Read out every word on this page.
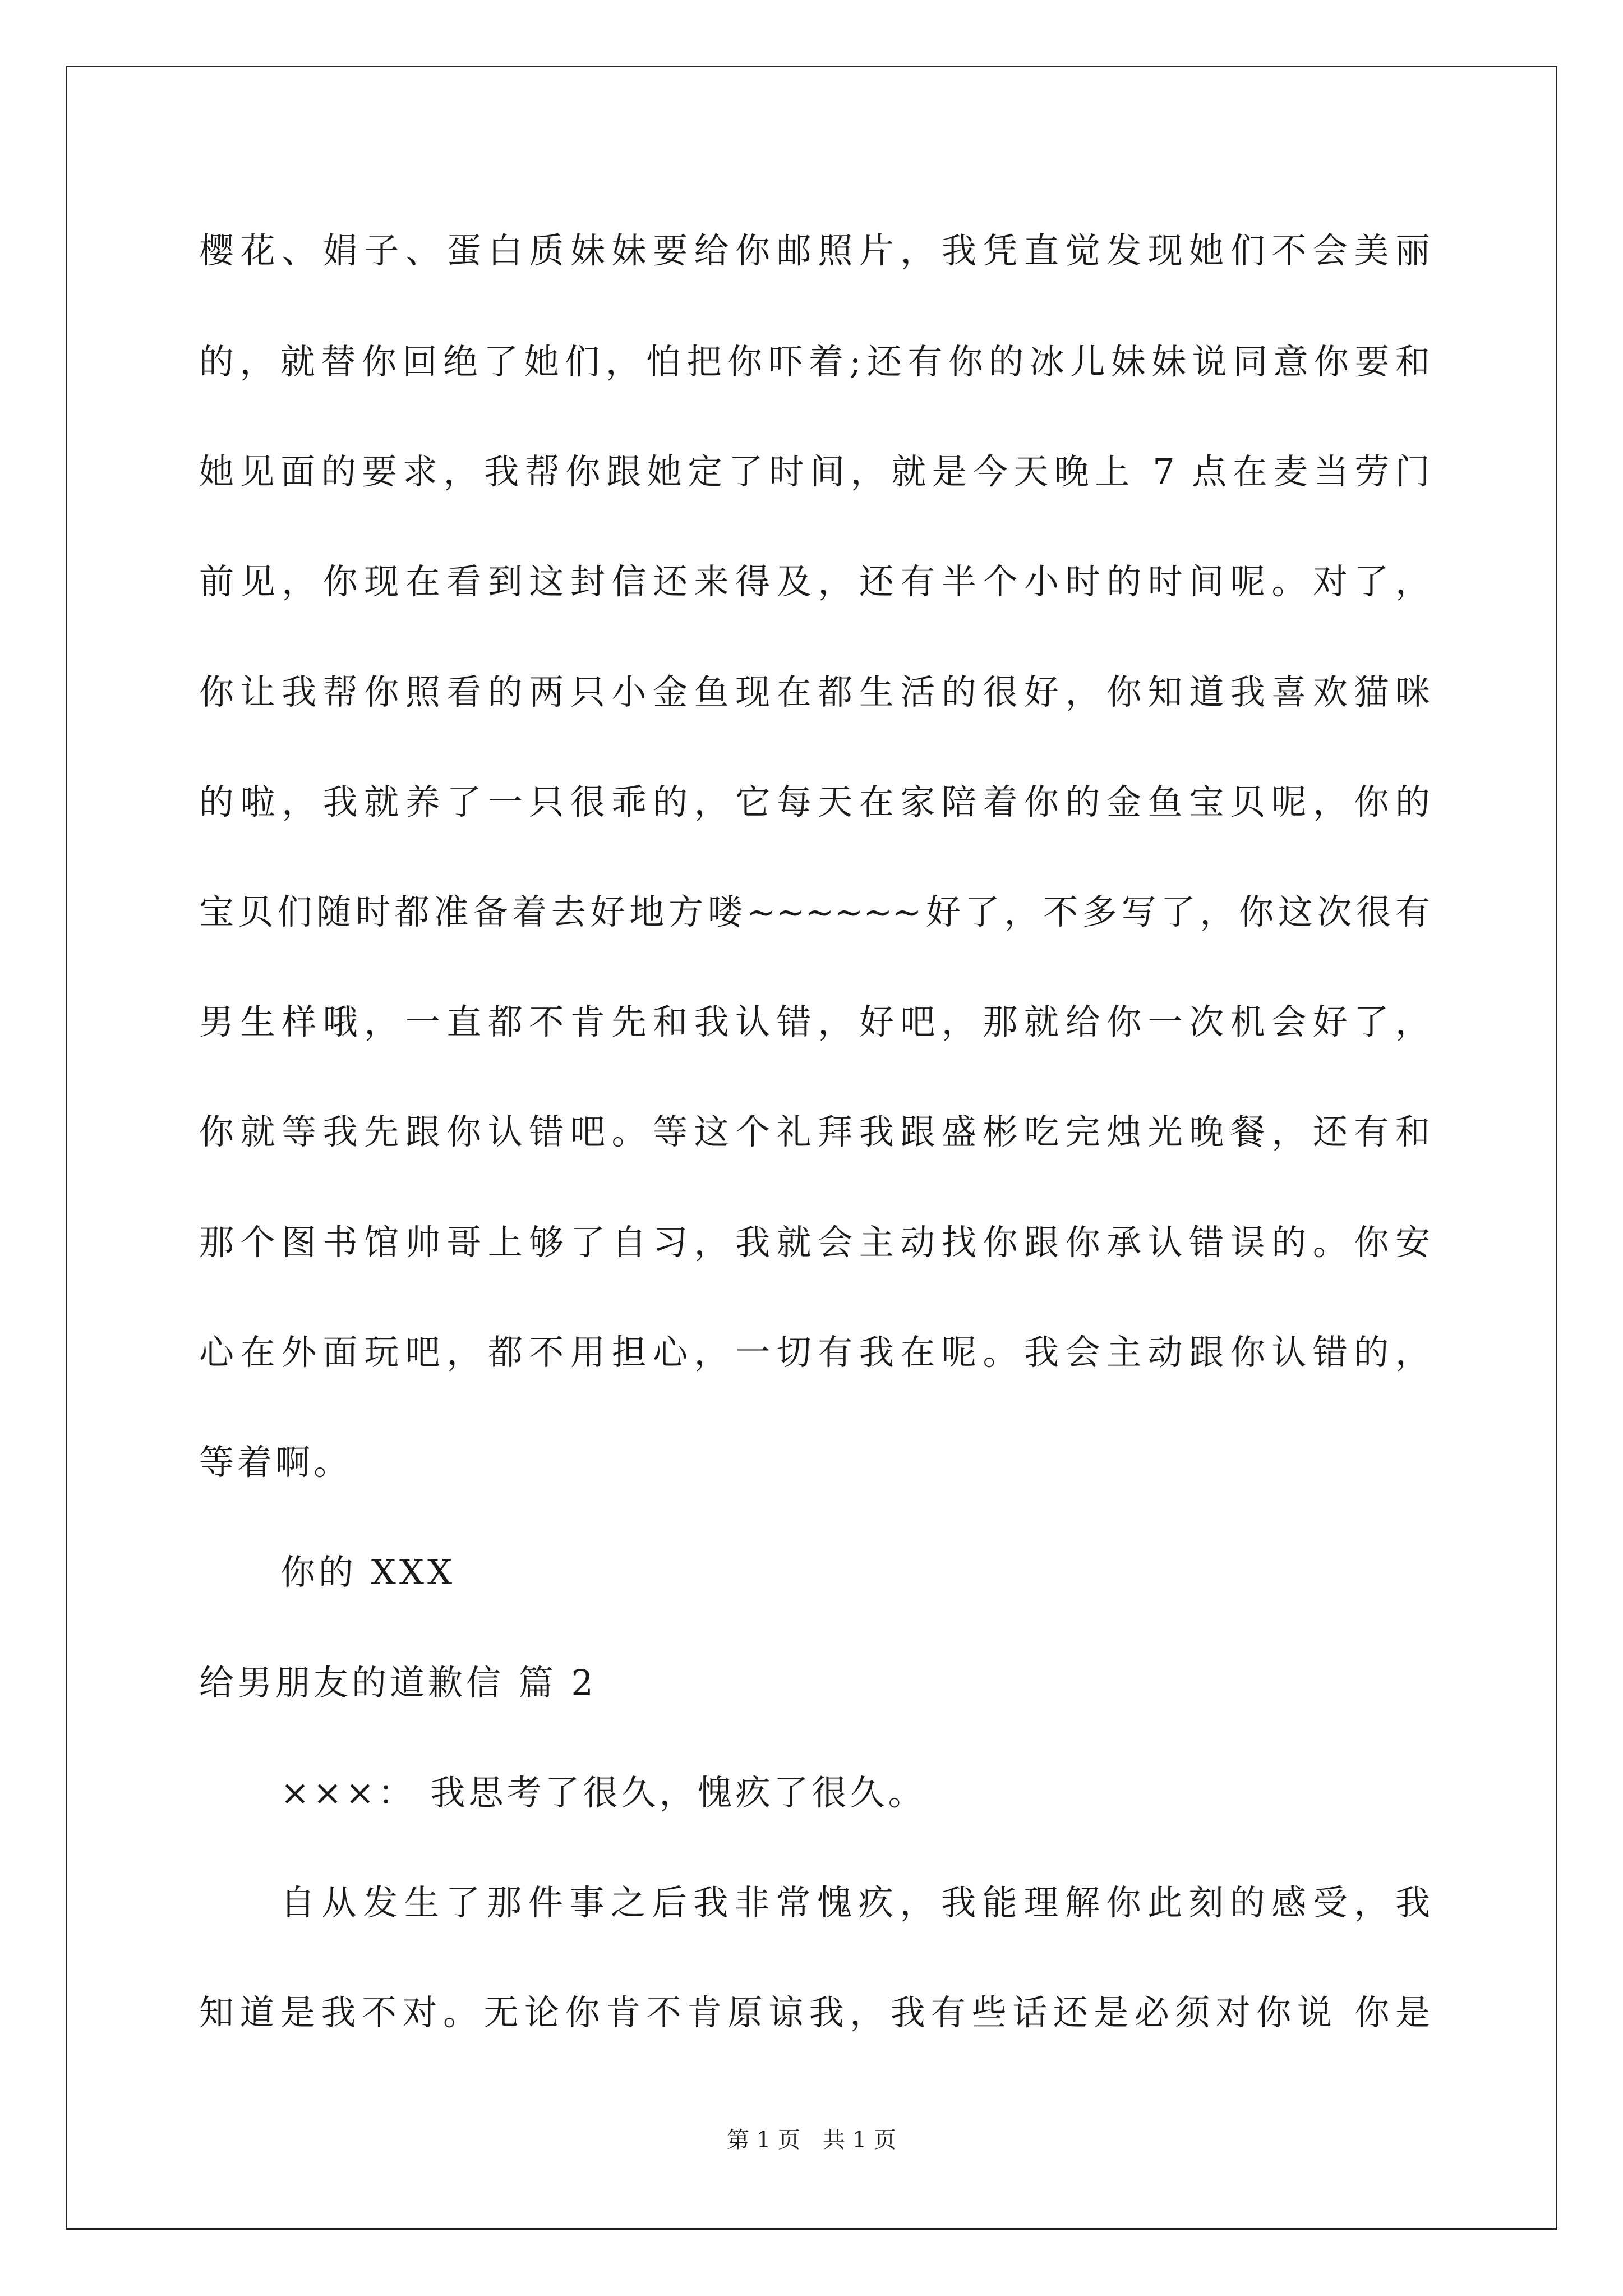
樱花、娟子、蛋白质妹妹要给你邮照片，我凭直觉发现她们不会美丽
的，就替你回绝了她们，怕把你吓着;还有你的冰儿妹妹说同意你要和
她见面的要求，我帮你跟她定了时间，就是今天晚上 7 点在麦当劳门
前见，你现在看到这封信还来得及，还有半个小时的时间呢。对了，
你让我帮你照看的两只小金鱼现在都生活的很好，你知道我喜欢猫咪
的啦，我就养了一只很乖的，它每天在家陪着你的金鱼宝贝呢，你的
宝贝们随时都准备着去好地方喽~~~~~~好了，不多写了，你这次很有
男生样哦，一直都不肯先和我认错，好吧，那就给你一次机会好了，
你就等我先跟你认错吧。等这个礼拜我跟盛彬吃完烛光晚餐，还有和
那个图书馆帅哥上够了自习，我就会主动找你跟你承认错误的。你安
心在外面玩吧，都不用担心，一切有我在呢。我会主动跟你认错的，
等着啊。
你的 XXX
给男朋友的道歉信 篇 2
×××： 我思考了很久，愧疚了很久。
自从发生了那件事之后我非常愧疚，我能理解你此刻的感受，我
知道是我不对。无论你肯不肯原谅我，我有些话还是必须对你说 你是
第 1 页　共 1 页
